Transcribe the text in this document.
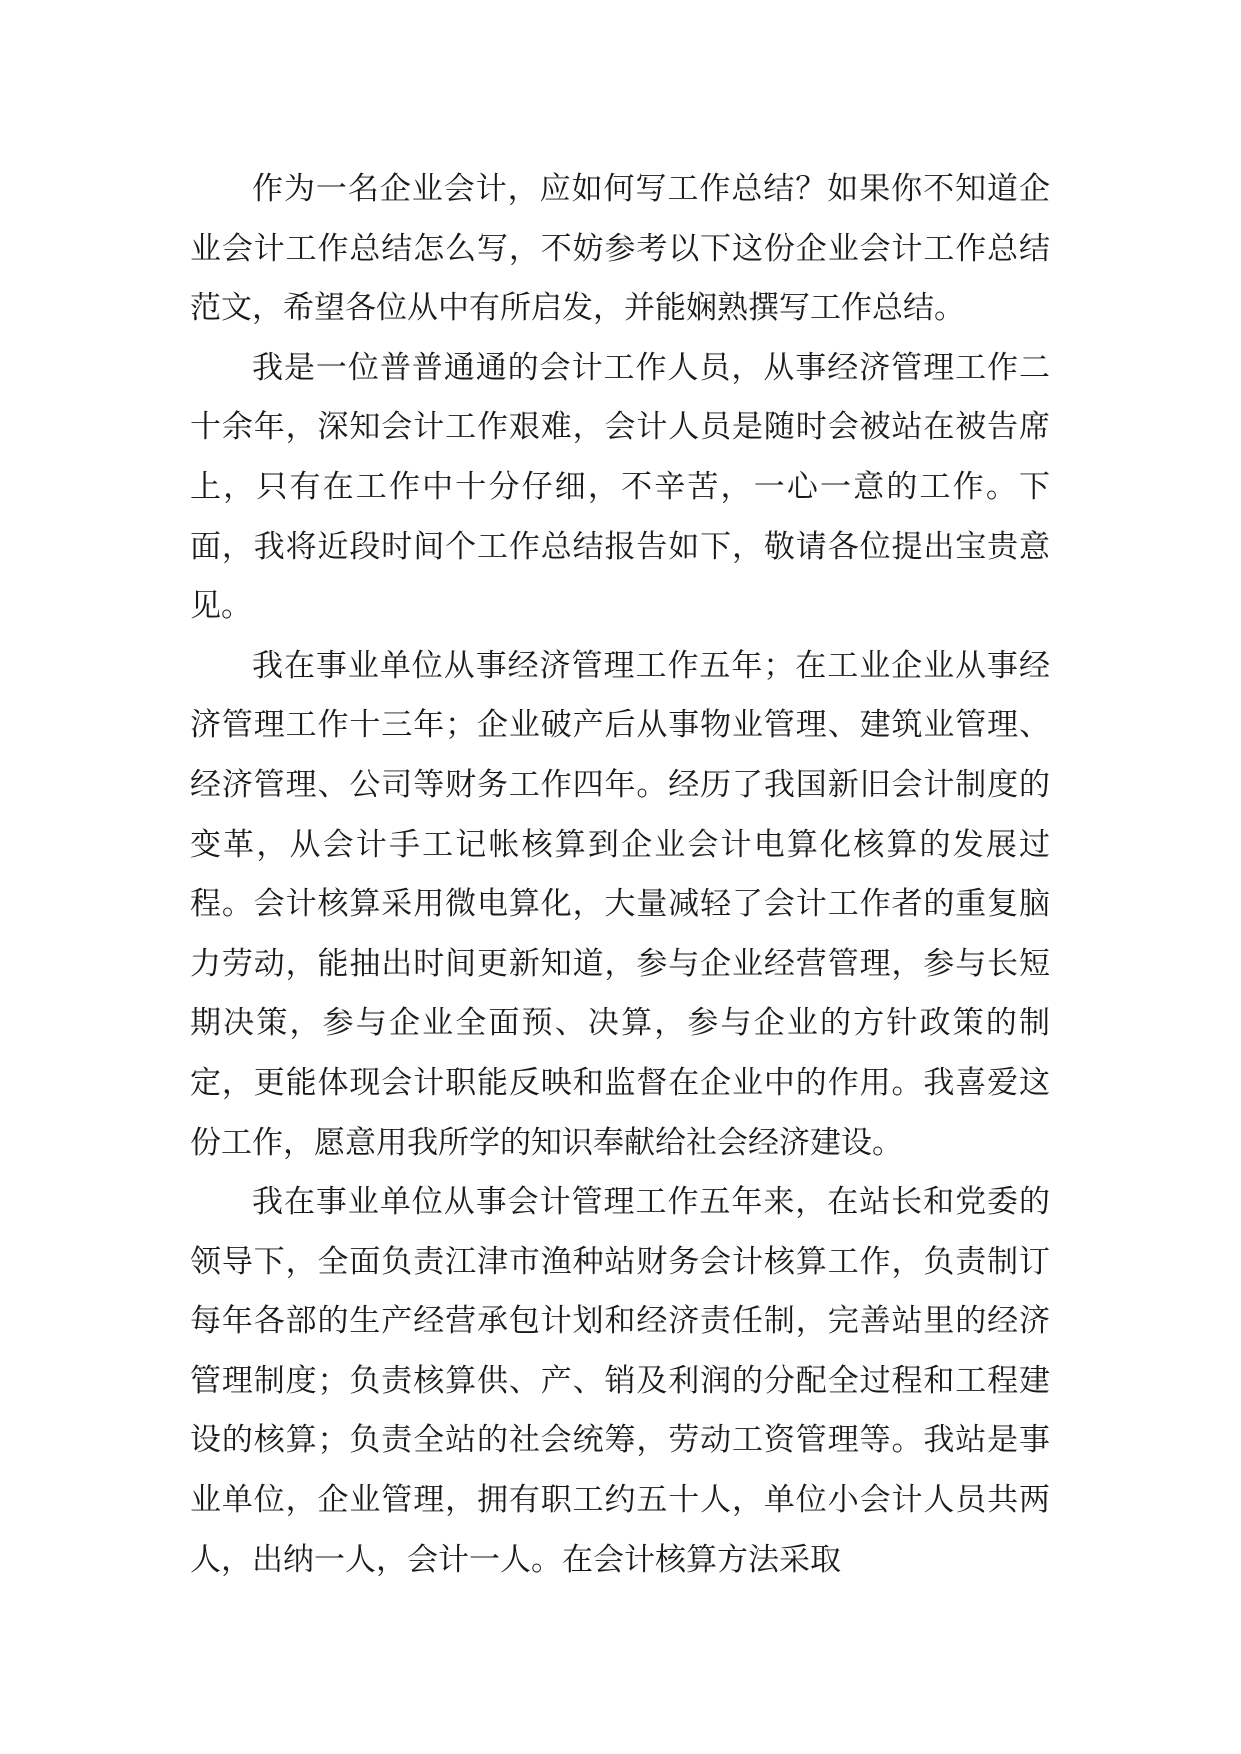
作为一名企业会计，应如何写工作总结？如果你不知道企业会计工作总结怎么写，不妨参考以下这份企业会计工作总结范文，希望各位从中有所启发，并能娴熟撰写工作总结。

我是一位普普通通的会计工作人员，从事经济管理工作二十余年，深知会计工作艰难，会计人员是随时会被站在被告席上，只有在工作中十分仔细，不辛苦，一心一意的工作。下面，我将近段时间个工作总结报告如下，敬请各位提出宝贵意见。

我在事业单位从事经济管理工作五年；在工业企业从事经济管理工作十三年；企业破产后从事物业管理、建筑业管理、经济管理、公司等财务工作四年。经历了我国新旧会计制度的变革，从会计手工记帐核算到企业会计电算化核算的发展过程。会计核算采用微电算化，大量减轻了会计工作者的重复脑力劳动，能抽出时间更新知道，参与企业经营管理，参与长短期决策，参与企业全面预、决算，参与企业的方针政策的制定，更能体现会计职能反映和监督在企业中的作用。我喜爱这份工作，愿意用我所学的知识奉献给社会经济建设。

我在事业单位从事会计管理工作五年来，在站长和党委的领导下，全面负责江津市渔种站财务会计核算工作，负责制订每年各部的生产经营承包计划和经济责任制，完善站里的经济管理制度；负责核算供、产、销及利润的分配全过程和工程建设的核算；负责全站的社会统筹，劳动工资管理等。我站是事业单位，企业管理，拥有职工约五十人，单位小会计人员共两人，出纳一人，会计一人。在会计核算方法采取
